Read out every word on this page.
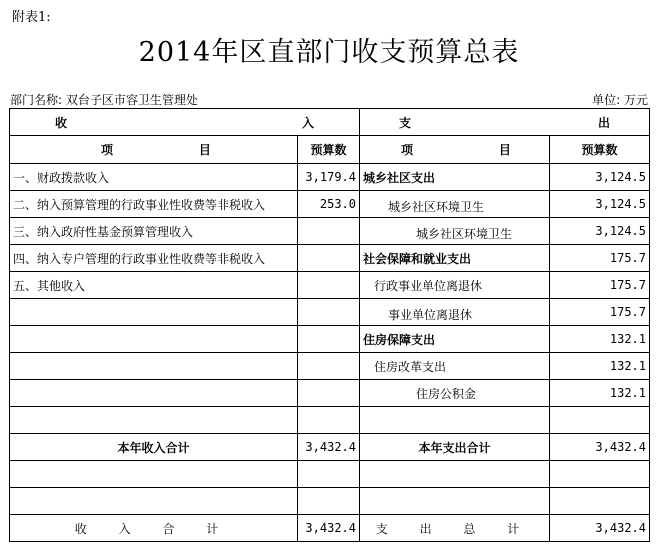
附表1:
2014年区直部门收支预算总表
部门名称: 双台子区市容卫生管理处	单位: 万元
收 入		支 出	

项 目	预算数	项 目	预算数
一、财政拨款收入	3,179.4	城乡社区支出	3,124.5
二、纳入预算管理的行政事业性收费等非税收入	253.0	城乡社区环境卫生	3,124.5
三、纳入政府性基金预算管理收入		城乡社区环境卫生	3,124.5
四、纳入专户管理的行政事业性收费等非税收入		社会保障和就业支出	175.7
五、其他收入		行政事业单位离退休	175.7
		事业单位离退休	175.7
		住房保障支出	132.1
		住房改革支出	132.1
		住房公积金	132.1

本年收入合计	3,432.4	本年支出合计	3,432.4

收 入 合 计	3,432.4	支 出 总 计	3,432.4
